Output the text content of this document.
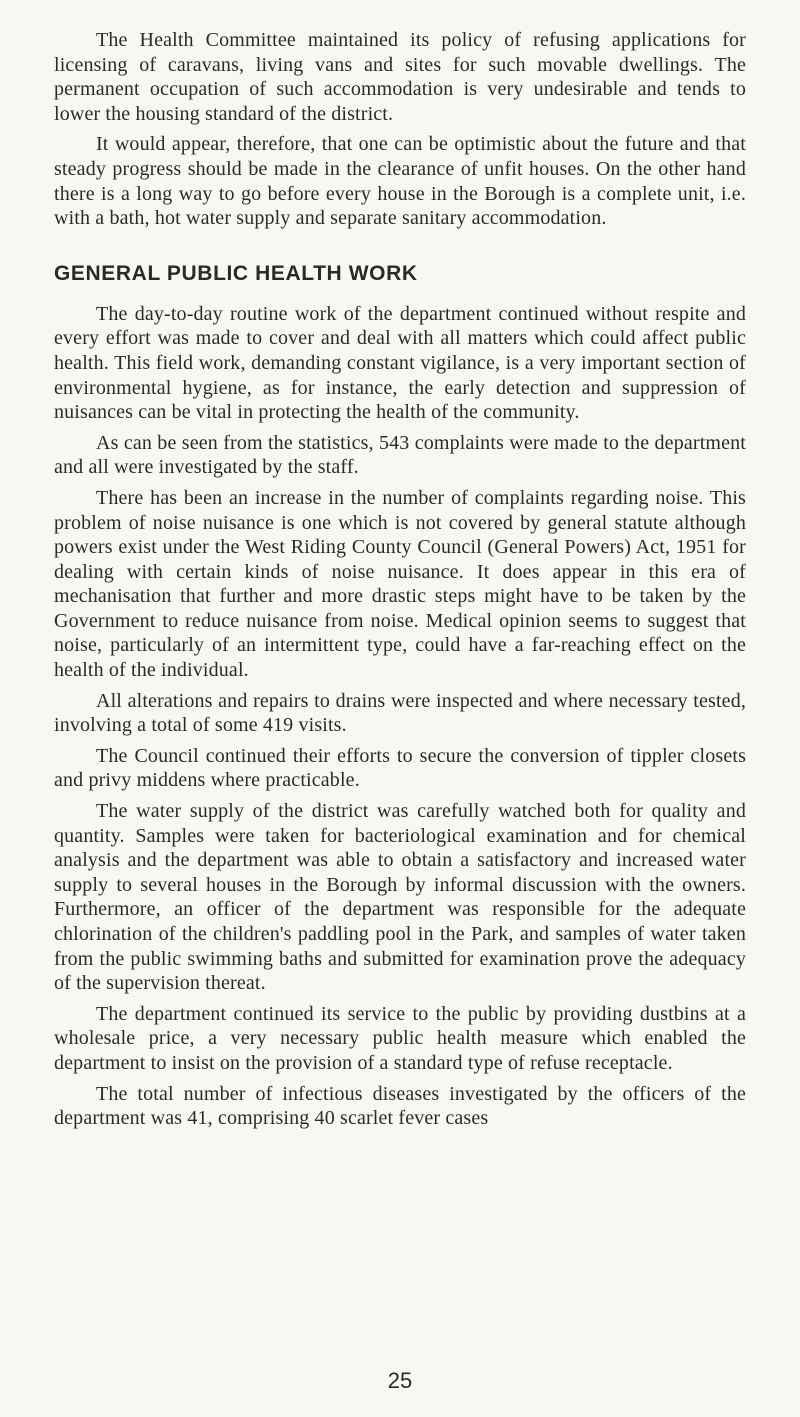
The Health Committee maintained its policy of refusing applications for licensing of caravans, living vans and sites for such movable dwellings. The permanent occupation of such accommodation is very undesirable and tends to lower the housing standard of the district.

It would appear, therefore, that one can be optimistic about the future and that steady progress should be made in the clearance of unfit houses. On the other hand there is a long way to go before every house in the Borough is a complete unit, i.e. with a bath, hot water supply and separate sanitary accommodation.

GENERAL PUBLIC HEALTH WORK

The day-to-day routine work of the department continued without respite and every effort was made to cover and deal with all matters which could affect public health. This field work, demanding constant vigilance, is a very important section of environmental hygiene, as for instance, the early detection and suppression of nuisances can be vital in protecting the health of the community.

As can be seen from the statistics, 543 complaints were made to the department and all were investigated by the staff.

There has been an increase in the number of complaints regarding noise. This problem of noise nuisance is one which is not covered by general statute although powers exist under the West Riding County Council (General Powers) Act, 1951 for dealing with certain kinds of noise nuisance. It does appear in this era of mechanisation that further and more drastic steps might have to be taken by the Government to reduce nuisance from noise. Medical opinion seems to suggest that noise, particularly of an intermittent type, could have a far-reaching effect on the health of the individual.

All alterations and repairs to drains were inspected and where necessary tested, involving a total of some 419 visits.

The Council continued their efforts to secure the conversion of tippler closets and privy middens where practicable.

The water supply of the district was carefully watched both for quality and quantity. Samples were taken for bacteriological examination and for chemical analysis and the department was able to obtain a satisfactory and increased water supply to several houses in the Borough by informal discussion with the owners. Furthermore, an officer of the department was responsible for the adequate chlorination of the children's paddling pool in the Park, and samples of water taken from the public swimming baths and submitted for examination prove the adequacy of the supervision thereat.

The department continued its service to the public by providing dustbins at a wholesale price, a very necessary public health measure which enabled the department to insist on the provision of a standard type of refuse receptacle.

The total number of infectious diseases investigated by the officers of the department was 41, comprising 40 scarlet fever cases

25
